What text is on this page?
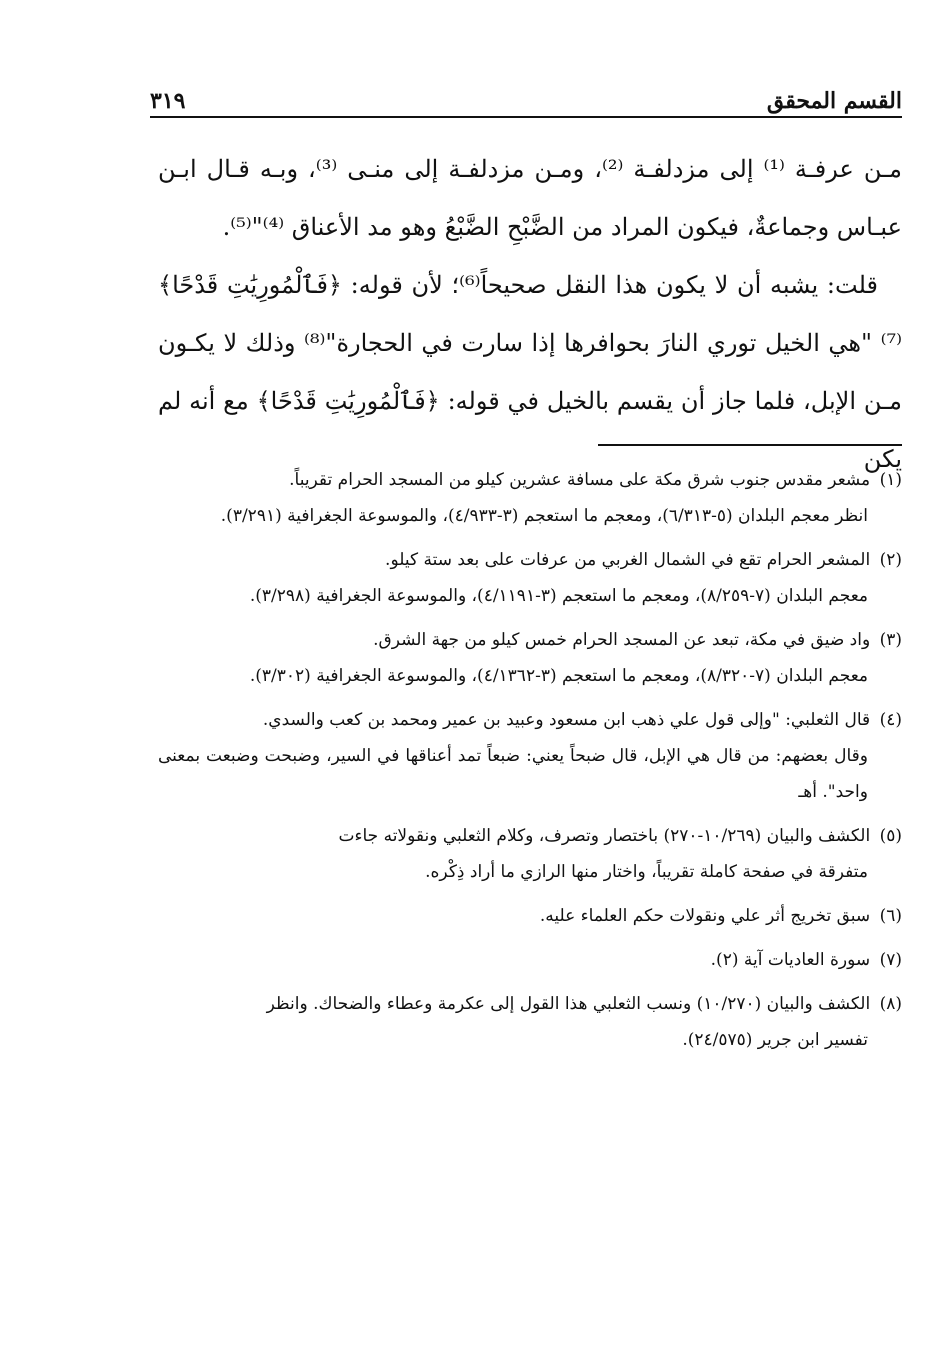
القسم المحقق
٣١٩

مـن عرفـة ⁽¹⁾ إلى مزدلفـة ⁽²⁾، ومـن مزدلفـة إلى منـى ⁽³⁾، وبـه قـال ابـن عبـاس وجماعةٌ، فيكون المراد من الضَّبْحِ الضَّبْعُ وهو مد الأعناق ⁽⁴⁾"⁽⁵⁾.

قلت: يشبه أن لا يكون هذا النقل صحيحاً⁽⁶⁾؛ لأن قوله: ﴿فَٱلْمُورِيَٰتِ قَدْحًا﴾⁽⁷⁾ "هي الخيل توري النارَ بحوافرها إذا سارت في الحجارة"⁽⁸⁾ وذلك لا يكـون مـن الإبل، فلما جاز أن يقسم بالخيل في قوله: ﴿فَٱلْمُورِيَٰتِ قَدْحًا﴾ مع أنه لم يكن

(١) مشعر مقدس جنوب شرق مكة على مسافة عشرين كيلو من المسجد الحرام تقريباً.
انظر معجم البلدان (٥-٦/٣١٣)، ومعجم ما استعجم (٣-٤/٩٣٣)، والموسوعة الجغرافية (٣/٢٩١).
(٢) المشعر الحرام تقع في الشمال الغربي من عرفات على بعد ستة كيلو.
معجم البلدان (٧-٨/٢٥٩)، ومعجم ما استعجم (٣-٤/١١٩١)، والموسوعة الجغرافية (٣/٢٩٨).
(٣) واد ضيق في مكة، تبعد عن المسجد الحرام خمس كيلو من جهة الشرق.
معجم البلدان (٧-٨/٣٢٠)، ومعجم ما استعجم (٣-٤/١٣٦٢)، والموسوعة الجغرافية (٣/٣٠٢).
(٤) قال الثعلبي: "وإلى قول علي ذهب ابن مسعود وعبيد بن عمير ومحمد بن كعب والسدي.
وقال بعضهم: من قال هي الإبل، قال ضبحاً يعني: ضبعاً تمد أعناقها في السير، وضبحت وضبعت بمعنى واحد". أهـ
(٥) الكشف والبيان (١٠/٢٦٩-٢٧٠) باختصار وتصرف، وكلام الثعلبي ونقولاته جاءت
متفرقة في صفحة كاملة تقريباً، واختار منها الرازي ما أراد ذِكْره.
(٦) سبق تخريج أثر علي ونقولات حكم العلماء عليه.
(٧) سورة العاديات آية (٢).
(٨) الكشف والبيان (١٠/٢٧٠) ونسب الثعلبي هذا القول إلى عكرمة وعطاء والضحاك. وانظر
تفسير ابن جرير (٢٤/٥٧٥).
